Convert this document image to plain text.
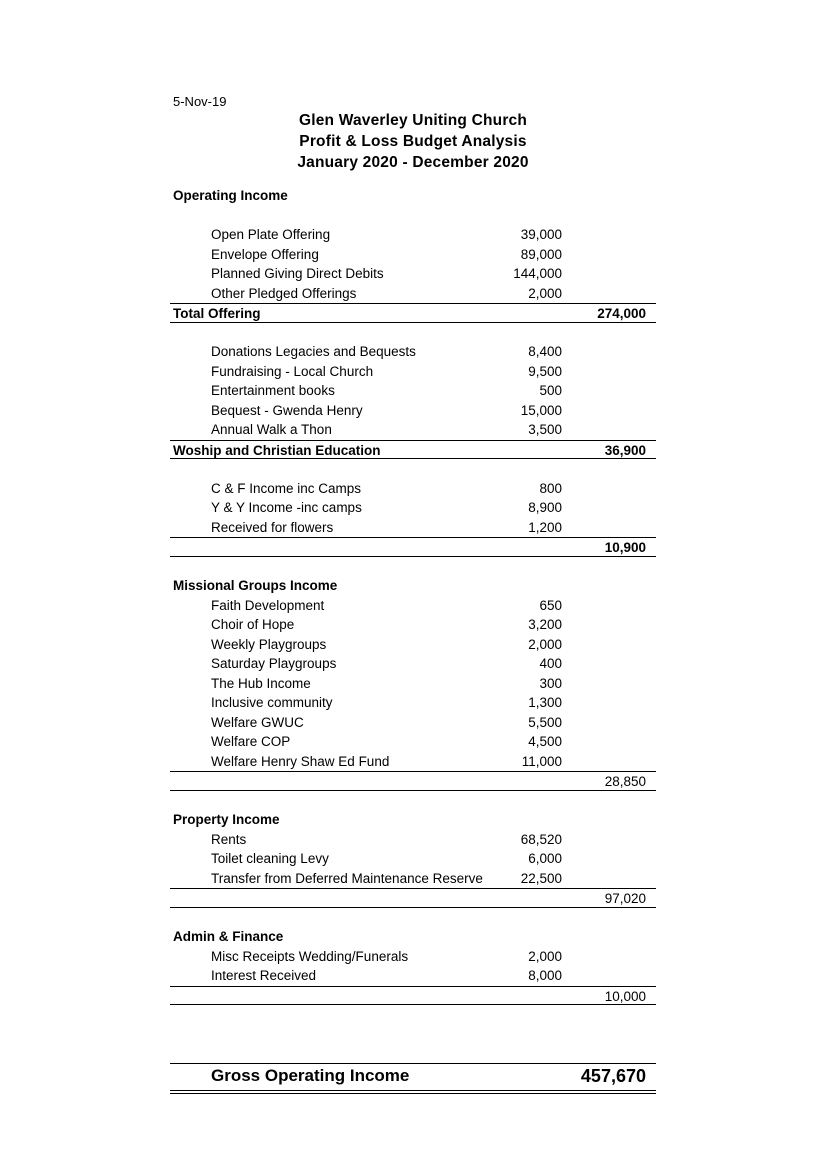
5-Nov-19
Glen Waverley Uniting Church
Profit & Loss Budget Analysis
January 2020 - December 2020
Operating Income
Open Plate Offering	39,000
Envelope Offering	89,000
Planned Giving Direct Debits	144,000
Other Pledged Offerings	2,000
Total Offering	274,000
Donations Legacies and Bequests	8,400
Fundraising - Local Church	9,500
Entertainment books	500
Bequest - Gwenda Henry	15,000
Annual Walk a Thon	3,500
Woship and Christian Education	36,900
C & F Income inc Camps	800
Y & Y Income -inc camps	8,900
Received for flowers	1,200
10,900
Missional Groups Income
Faith Development	650
Choir of Hope	3,200
Weekly Playgroups	2,000
Saturday Playgroups	400
The Hub Income	300
Inclusive community	1,300
Welfare GWUC	5,500
Welfare COP	4,500
Welfare Henry Shaw Ed Fund	11,000
28,850
Property Income
Rents	68,520
Toilet cleaning Levy	6,000
Transfer from Deferred Maintenance Reserve	22,500
97,020
Admin & Finance
Misc Receipts Wedding/Funerals	2,000
Interest Received	8,000
10,000
Gross Operating Income	457,670
